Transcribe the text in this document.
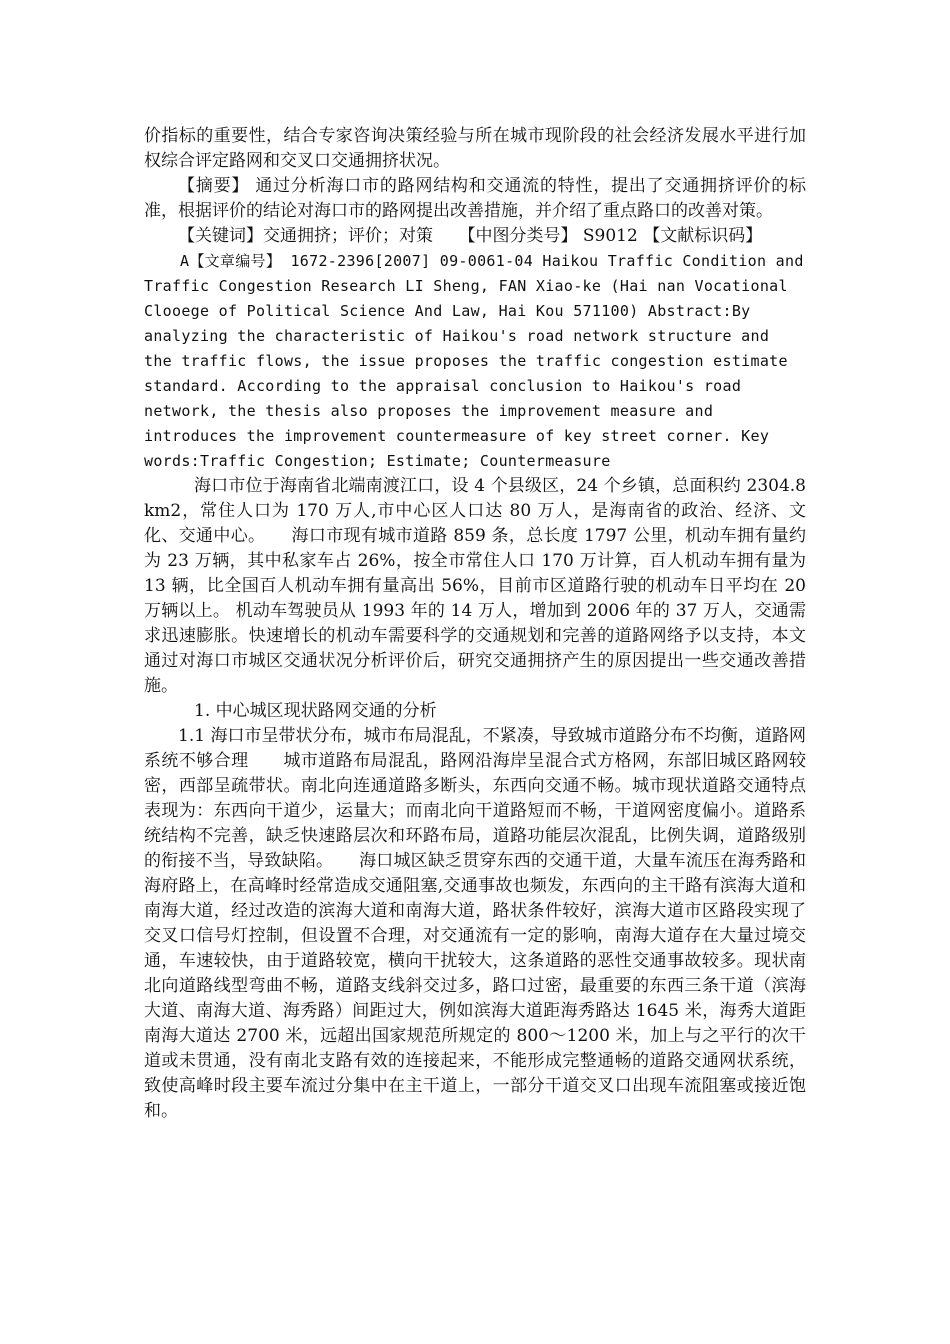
价指标的重要性，结合专家咨询决策经验与所在城市现阶段的社会经济发展水平进行加权综合评定路网和交叉口交通拥挤状况。

【摘要】 通过分析海口市的路网结构和交通流的特性，提出了交通拥挤评价的标准，根据评价的结论对海口市的路网提出改善措施，并介绍了重点路口的改善对策。

【关键词】交通拥挤；评价；对策　　【中图分类号】 S9012 【文献标识码】

A【文章编号】 1672-2396[2007] 09-0061-04 Haikou Traffic Condition and Traffic Congestion Research LI Sheng, FAN Xiao-ke (Hai nan Vocational Clooege of Political Science And Law, Hai Kou 571100) Abstract:By analyzing the characteristic of Haikou's road network structure and the traffic flows, the issue proposes the traffic congestion estimate standard. According to the appraisal conclusion to Haikou's road network, the thesis also proposes the improvement measure and introduces the improvement countermeasure of key street corner. Key words:Traffic Congestion; Estimate; Countermeasure

海口市位于海南省北端南渡江口，设 4 个县级区，24 个乡镇，总面积约 2304.8km2，常住人口为 170 万人,市中心区人口达 80 万人，是海南省的政治、经济、文化、交通中心。　　海口市现有城市道路 859 条，总长度 1797 公里，机动车拥有量约为 23 万辆，其中私家车占 26%，按全市常住人口 170 万计算，百人机动车拥有量为 13 辆，比全国百人机动车拥有量高出 56%，目前市区道路行驶的机动车日平均在 20 万辆以上。 机动车驾驶员从 1993 年的 14 万人，增加到 2006 年的 37 万人，交通需求迅速膨胀。快速增长的机动车需要科学的交通规划和完善的道路网络予以支持，本文通过对海口市城区交通状况分析评价后，研究交通拥挤产生的原因提出一些交通改善措施。

1. 中心城区现状路网交通的分析

1.1 海口市呈带状分布，城市布局混乱，不紧凑，导致城市道路分布不均衡，道路网系统不够合理　　城市道路布局混乱，路网沿海岸呈混合式方格网，东部旧城区路网较密，西部呈疏带状。南北向连通道路多断头，东西向交通不畅。城市现状道路交通特点表现为：东西向干道少，运量大；而南北向干道路短而不畅，干道网密度偏小。道路系统结构不完善，缺乏快速路层次和环路布局，道路功能层次混乱，比例失调，道路级别的衔接不当，导致缺陷。　　海口城区缺乏贯穿东西的交通干道，大量车流压在海秀路和海府路上，在高峰时经常造成交通阻塞,交通事故也频发，东西向的主干路有滨海大道和南海大道，经过改造的滨海大道和南海大道，路状条件较好，滨海大道市区路段实现了交叉口信号灯控制，但设置不合理，对交通流有一定的影响，南海大道存在大量过境交通，车速较快，由于道路较宽，横向干扰较大，这条道路的恶性交通事故较多。现状南北向道路线型弯曲不畅，道路支线斜交过多，路口过密，最重要的东西三条干道（滨海大道、南海大道、海秀路）间距过大，例如滨海大道距海秀路达 1645 米，海秀大道距南海大道达 2700 米，远超出国家规范所规定的 800～1200 米，加上与之平行的次干道或未贯通，没有南北支路有效的连接起来，不能形成完整通畅的道路交通网状系统，致使高峰时段主要车流过分集中在主干道上，一部分干道交叉口出现车流阻塞或接近饱和。
